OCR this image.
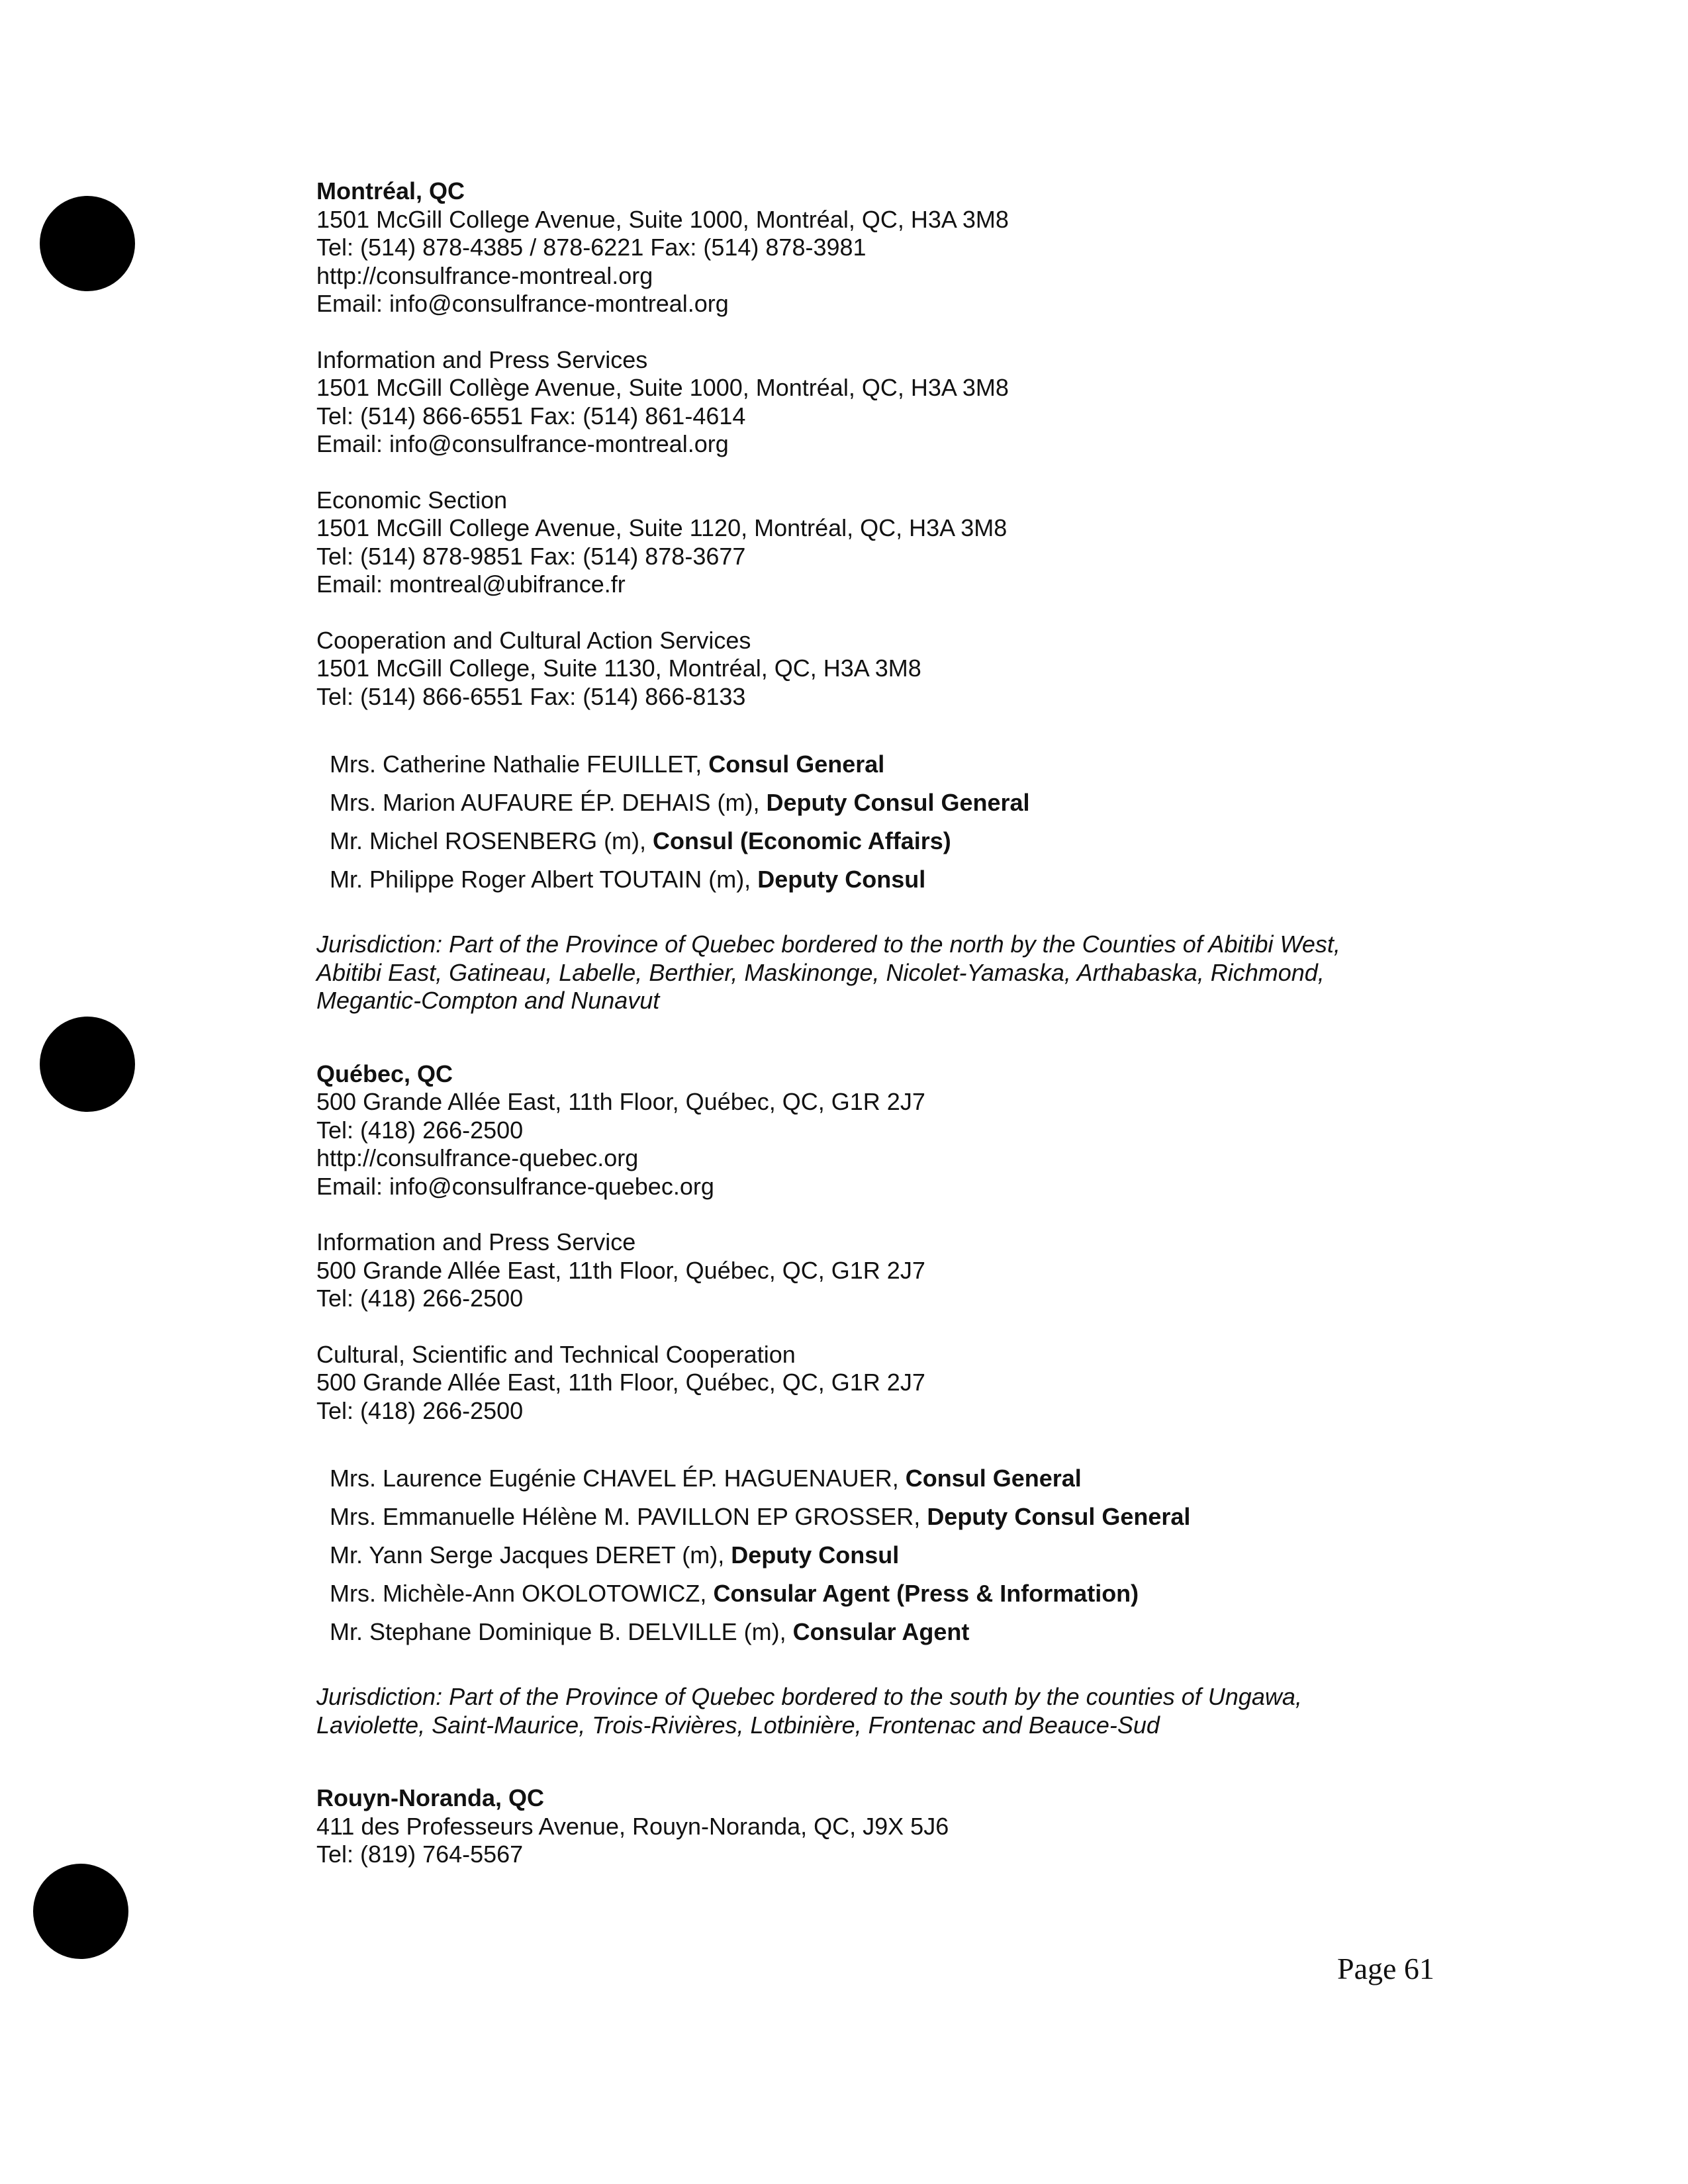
Montréal, QC
1501 McGill College Avenue, Suite 1000, Montréal, QC, H3A 3M8
Tel: (514) 878-4385 / 878-6221 Fax: (514) 878-3981
http://consulfrance-montreal.org
Email: info@consulfrance-montreal.org
Information and Press Services
1501 McGill Collège Avenue, Suite 1000, Montréal, QC, H3A 3M8
Tel: (514) 866-6551 Fax: (514) 861-4614
Email: info@consulfrance-montreal.org
Economic Section
1501 McGill College Avenue, Suite 1120, Montréal, QC, H3A 3M8
Tel: (514) 878-9851 Fax: (514) 878-3677
Email: montreal@ubifrance.fr
Cooperation and Cultural Action Services
1501 McGill College, Suite 1130, Montréal, QC, H3A 3M8
Tel: (514) 866-6551 Fax: (514) 866-8133
Mrs. Catherine Nathalie FEUILLET, Consul General
Mrs. Marion AUFAURE ÉP. DEHAIS (m), Deputy Consul General
Mr. Michel ROSENBERG (m), Consul (Economic Affairs)
Mr. Philippe Roger Albert TOUTAIN (m), Deputy Consul
Jurisdiction: Part of the Province of Quebec bordered to the north by the Counties of Abitibi West, Abitibi East, Gatineau, Labelle, Berthier, Maskinonge, Nicolet-Yamaska, Arthabaska, Richmond, Megantic-Compton and Nunavut
Québec, QC
500 Grande Allée East, 11th Floor, Québec, QC, G1R 2J7
Tel: (418) 266-2500
http://consulfrance-quebec.org
Email: info@consulfrance-quebec.org
Information and Press Service
500 Grande Allée East, 11th Floor, Québec, QC, G1R 2J7
Tel: (418) 266-2500
Cultural, Scientific and Technical Cooperation
500 Grande Allée East, 11th Floor, Québec, QC, G1R 2J7
Tel: (418) 266-2500
Mrs. Laurence Eugénie CHAVEL ÉP. HAGUENAUER, Consul General
Mrs. Emmanuelle Hélène M. PAVILLON EP GROSSER, Deputy Consul General
Mr. Yann Serge Jacques DERET (m), Deputy Consul
Mrs. Michèle-Ann OKOLOTOWICZ, Consular Agent (Press & Information)
Mr. Stephane Dominique B. DELVILLE (m), Consular Agent
Jurisdiction: Part of the Province of Quebec bordered to the south by the counties of Ungawa, Laviolette, Saint-Maurice, Trois-Rivières, Lotbinière, Frontenac and Beauce-Sud
Rouyn-Noranda, QC
411 des Professeurs Avenue, Rouyn-Noranda, QC, J9X 5J6
Tel: (819) 764-5567
Page 61
